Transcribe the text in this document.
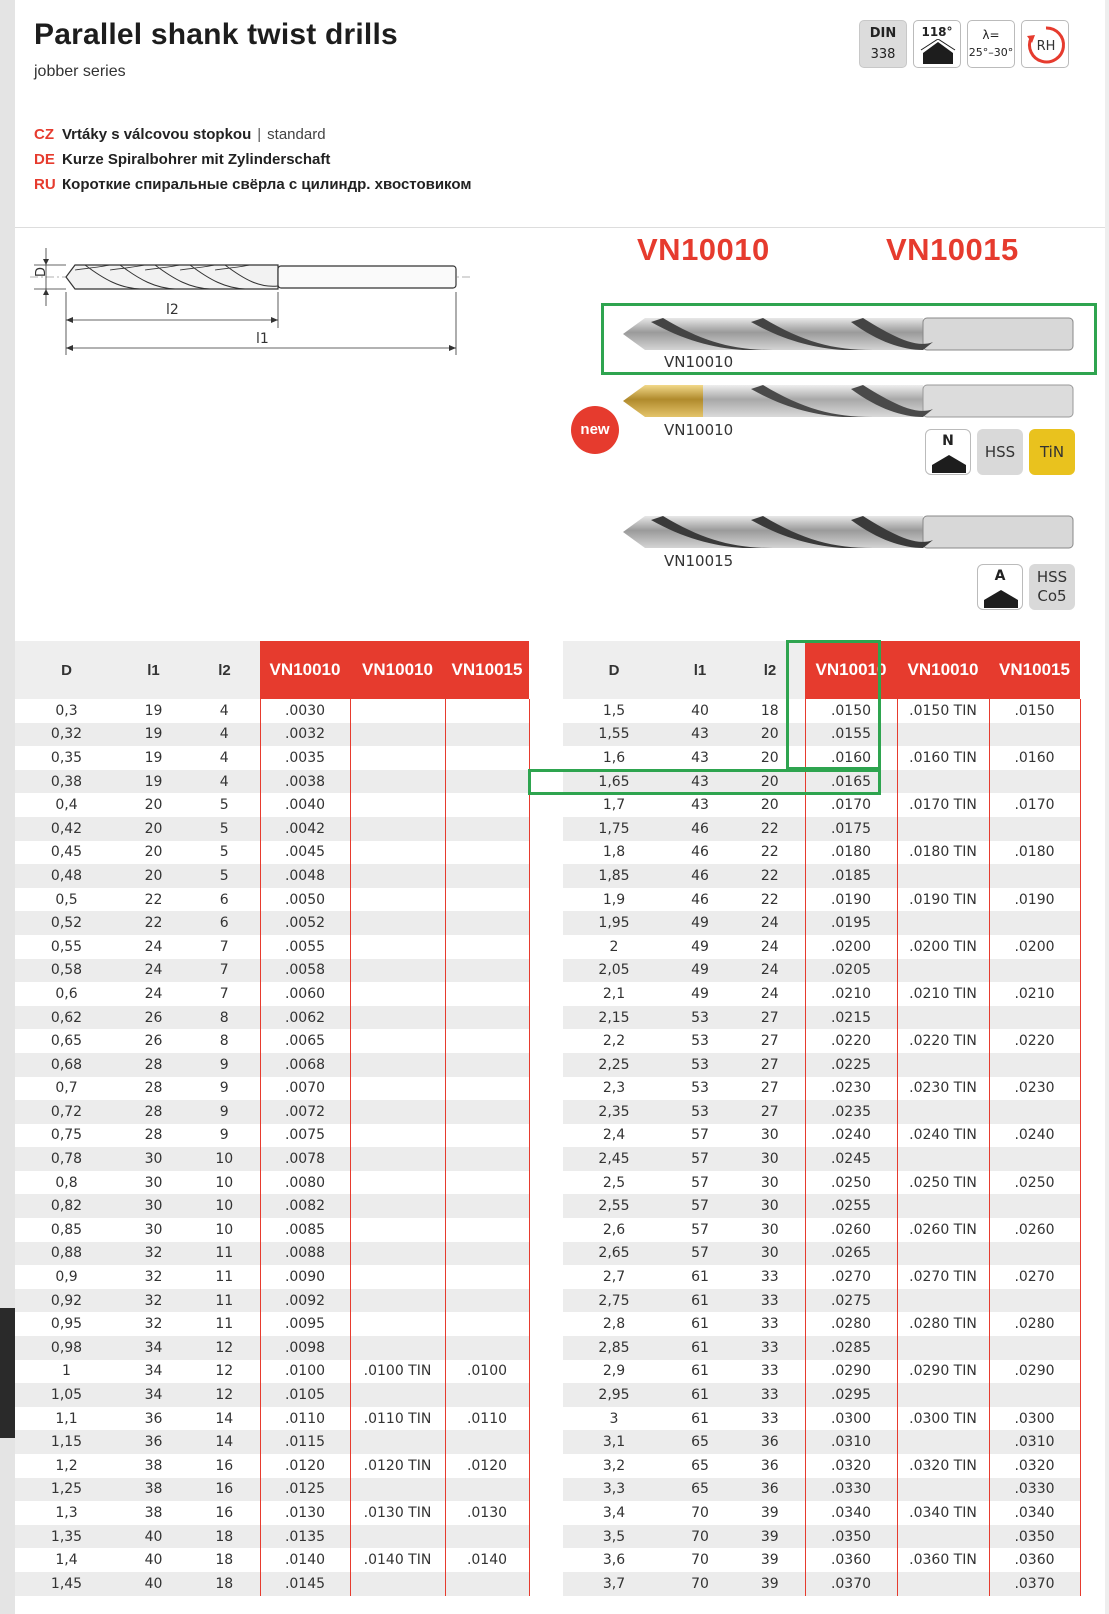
Parallel shank twist drills
jobber series
CZ Vrtáky s válcovou stopkou | standard
DE Kurze Spiralbohrer mit Zylinderschaft
RU Короткие спиральные свёрла с цилиндр. хвостовиком
DIN
338
118°	λ=
25°–30° RH
D
l2
l1
VN10010	VN10015
VN10010
VN10010
new
N
HSS	TiN
VN10015
A	HSS
Co5
D	l1	l2	VN10010	VN10010	VN10015
0,3	19	4	.0030		
0,32	19	4	.0032		
0,35	19	4	.0035		
0,38	19	4	.0038		
0,4	20	5	.0040		
0,42	20	5	.0042		
0,45	20	5	.0045		
0,48	20	5	.0048		
0,5	22	6	.0050		
0,52	22	6	.0052		
0,55	24	7	.0055		
0,58	24	7	.0058		
0,6	24	7	.0060		
0,62	26	8	.0062		
0,65	26	8	.0065		
0,68	28	9	.0068		
0,7	28	9	.0070		
0,72	28	9	.0072		
0,75	28	9	.0075		
0,78	30	10	.0078		
0,8	30	10	.0080		
0,82	30	10	.0082		
0,85	30	10	.0085		
0,88	32	11	.0088		
0,9	32	11	.0090		
0,92	32	11	.0092		
0,95	32	11	.0095		
0,98	34	12	.0098		
1	34	12	.0100	.0100 TIN	.0100
1,05	34	12	.0105		
1,1	36	14	.0110	.0110 TIN	.0110
1,15	36	14	.0115		
1,2	38	16	.0120	.0120 TIN	.0120
1,25	38	16	.0125		
1,3	38	16	.0130	.0130 TIN	.0130
1,35	40	18	.0135		
1,4	40	18	.0140	.0140 TIN	.0140
1,45	40	18	.0145		
D	l1	l2	VN10010	VN10010	VN10015
1,5	40	18	.0150	.0150 TIN	.0150
1,55	43	20	.0155		
1,6	43	20	.0160	.0160 TIN	.0160
1,65	43	20	.0165		
1,7	43	20	.0170	.0170 TIN	.0170
1,75	46	22	.0175		
1,8	46	22	.0180	.0180 TIN	.0180
1,85	46	22	.0185		
1,9	46	22	.0190	.0190 TIN	.0190
1,95	49	24	.0195		
2	49	24	.0200	.0200 TIN	.0200
2,05	49	24	.0205		
2,1	49	24	.0210	.0210 TIN	.0210
2,15	53	27	.0215		
2,2	53	27	.0220	.0220 TIN	.0220
2,25	53	27	.0225		
2,3	53	27	.0230	.0230 TIN	.0230
2,35	53	27	.0235		
2,4	57	30	.0240	.0240 TIN	.0240
2,45	57	30	.0245		
2,5	57	30	.0250	.0250 TIN	.0250
2,55	57	30	.0255		
2,6	57	30	.0260	.0260 TIN	.0260
2,65	57	30	.0265		
2,7	61	33	.0270	.0270 TIN	.0270
2,75	61	33	.0275		
2,8	61	33	.0280	.0280 TIN	.0280
2,85	61	33	.0285		
2,9	61	33	.0290	.0290 TIN	.0290
2,95	61	33	.0295		
3	61	33	.0300	.0300 TIN	.0300
3,1	65	36	.0310		.0310
3,2	65	36	.0320	.0320 TIN	.0320
3,3	65	36	.0330		.0330
3,4	70	39	.0340	.0340 TIN	.0340
3,5	70	39	.0350		.0350
3,6	70	39	.0360	.0360 TIN	.0360
3,7	70	39	.0370		.0370
